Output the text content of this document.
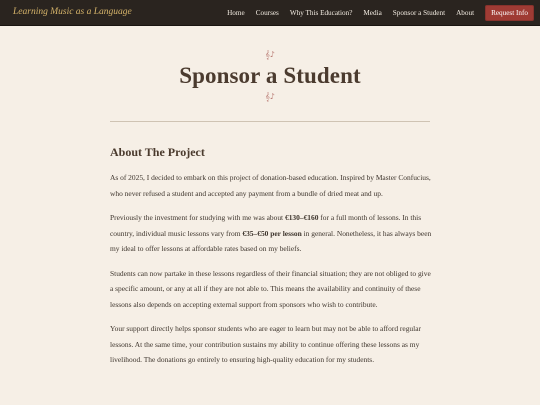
Learning Music as a Language	Home Courses Why This Education? Media Sponsor a Student About	Request Info
𝄞♪
Sponsor a Student
𝄞♪
About The Project

As of 2025, I decided to embark on this project of donation-based education. Inspired by Master Confucius, who never refused a student and accepted any payment from a bundle of dried meat and up.

Previously the investment for studying with me was about €130–€160 for a full month of lessons. In this country, individual music lessons vary from €35–€50 per lesson in general. Nonetheless, it has always been my ideal to offer lessons at affordable rates based on my beliefs.

Students can now partake in these lessons regardless of their financial situation; they are not obliged to give a specific amount, or any at all if they are not able to. This means the availability and continuity of these lessons also depends on accepting external support from sponsors who wish to contribute.

Your support directly helps sponsor students who are eager to learn but may not be able to afford regular lessons. At the same time, your contribution sustains my ability to continue offering these lessons as my livelihood. The donations go entirely to ensuring high-quality education for my students.
